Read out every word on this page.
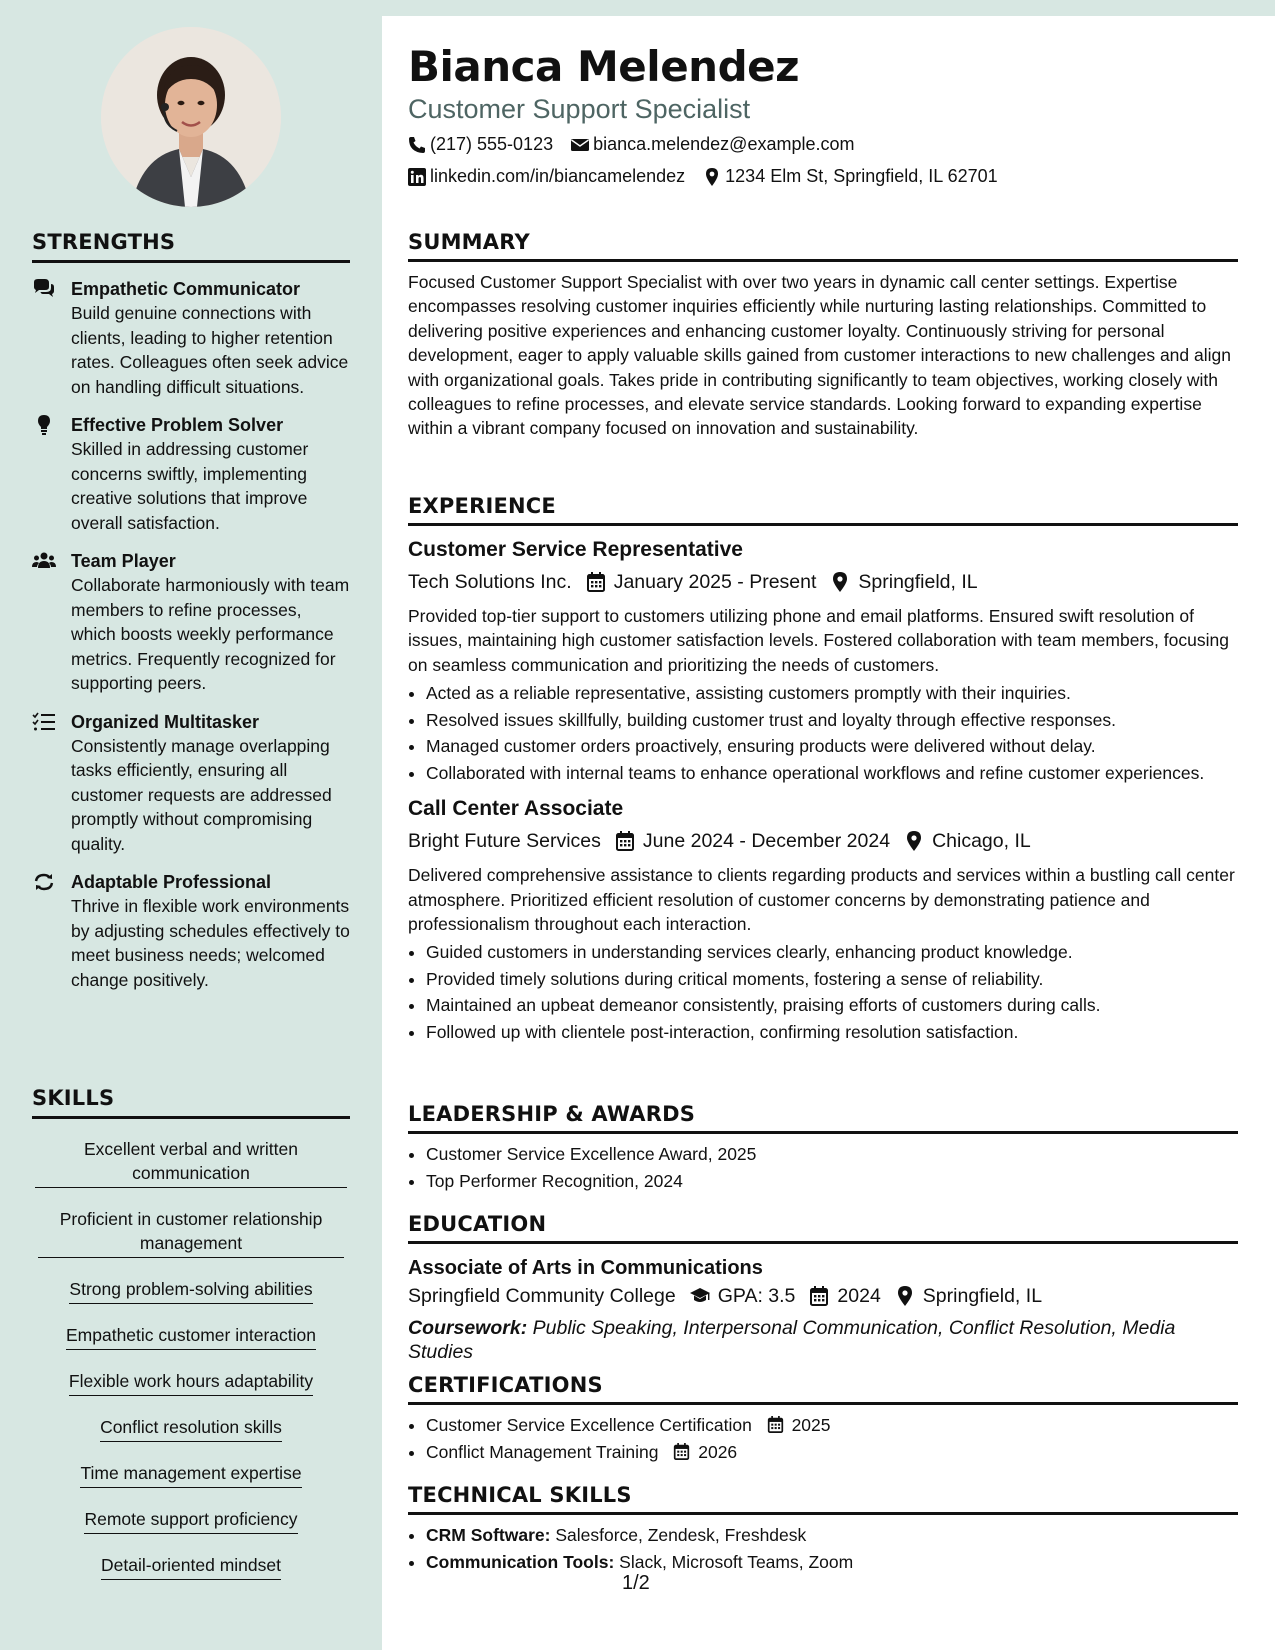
STRENGTHS
Empathetic Communicator
Build genuine connections with clients, leading to higher retention rates. Colleagues often seek advice on handling difficult situations.
Effective Problem Solver
Skilled in addressing customer concerns swiftly, implementing creative solutions that improve overall satisfaction.
Team Player
Collaborate harmoniously with team members to refine processes, which boosts weekly performance metrics. Frequently recognized for supporting peers.
Organized Multitasker
Consistently manage overlapping tasks efficiently, ensuring all customer requests are addressed promptly without compromising quality.
Adaptable Professional
Thrive in flexible work environments by adjusting schedules effectively to meet business needs; welcomed change positively.
SKILLS
Excellent verbal and written communication
Proficient in customer relationship management
Strong problem-solving abilities
Empathetic customer interaction
Flexible work hours adaptability
Conflict resolution skills
Time management expertise
Remote support proficiency
Detail-oriented mindset
Bianca Melendez
Customer Support Specialist
(217) 555-0123 bianca.melendez@example.com
linkedin.com/in/biancamelendez 1234 Elm St, Springfield, IL 62701
SUMMARY

Focused Customer Support Specialist with over two years in dynamic call center settings. Expertise encompasses resolving customer inquiries efficiently while nurturing lasting relationships. Committed to delivering positive experiences and enhancing customer loyalty. Continuously striving for personal development, eager to apply valuable skills gained from customer interactions to new challenges and align with organizational goals. Takes pride in contributing significantly to team objectives, working closely with colleagues to refine processes, and elevate service standards. Looking forward to expanding expertise within a vibrant company focused on innovation and sustainability.

EXPERIENCE
Customer Service Representative
Tech Solutions Inc. January 2025 - Present Springfield, IL

Provided top-tier support to customers utilizing phone and email platforms. Ensured swift resolution of issues, maintaining high customer satisfaction levels. Fostered collaboration with team members, focusing on seamless communication and prioritizing the needs of customers.

• Acted as a reliable representative, assisting customers promptly with their inquiries.
• Resolved issues skillfully, building customer trust and loyalty through effective responses.
• Managed customer orders proactively, ensuring products were delivered without delay.
• Collaborated with internal teams to enhance operational workflows and refine customer experiences.
Call Center Associate
Bright Future Services June 2024 - December 2024 Chicago, IL

Delivered comprehensive assistance to clients regarding products and services within a bustling call center atmosphere. Prioritized efficient resolution of customer concerns by demonstrating patience and professionalism throughout each interaction.

• Guided customers in understanding services clearly, enhancing product knowledge.
• Provided timely solutions during critical moments, fostering a sense of reliability.
• Maintained an upbeat demeanor consistently, praising efforts of customers during calls.
• Followed up with clientele post-interaction, confirming resolution satisfaction.
LEADERSHIP & AWARDS
• Customer Service Excellence Award, 2025
• Top Performer Recognition, 2024
EDUCATION
Associate of Arts in Communications
Springfield Community College GPA: 3.5 2024 Springfield, IL
Coursework: Public Speaking, Interpersonal Communication, Conflict Resolution, Media Studies
CERTIFICATIONS
• Customer Service Excellence Certification 2025
• Conflict Management Training 2026
TECHNICAL SKILLS
• CRM Software: Salesforce, Zendesk, Freshdesk
• Communication Tools: Slack, Microsoft Teams, Zoom
1/2
